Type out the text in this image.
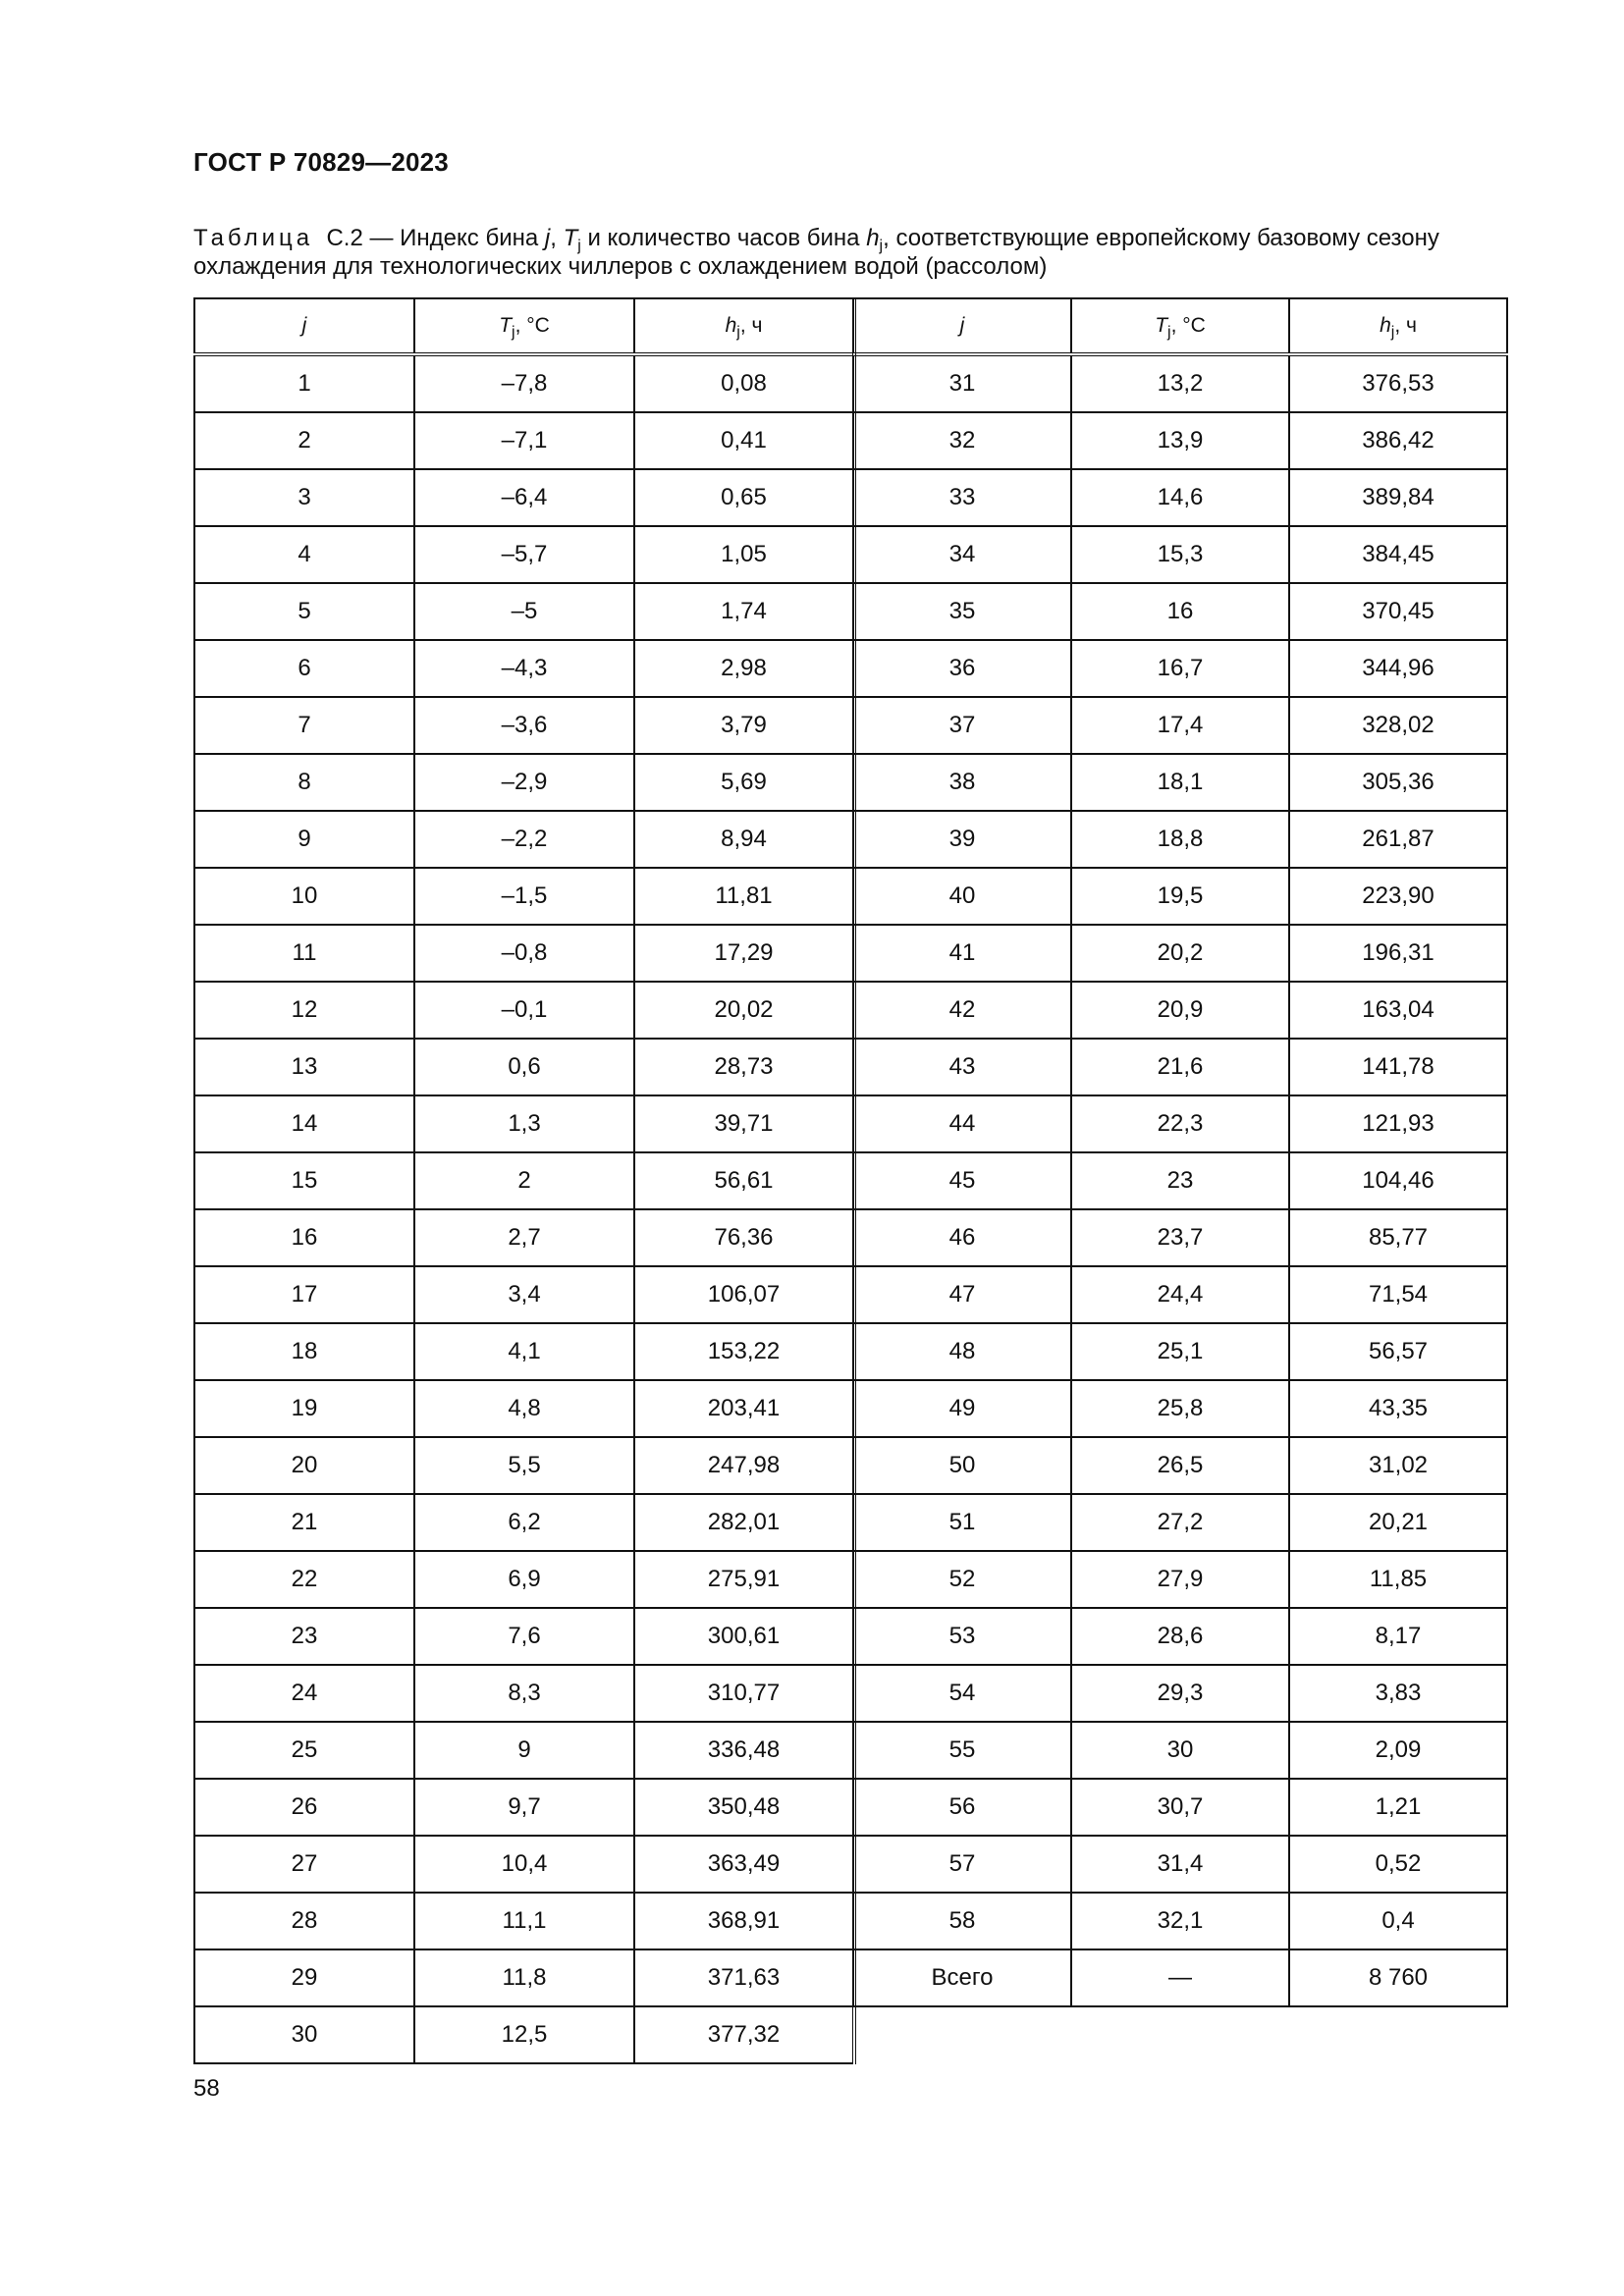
ГОСТ Р 70829—2023
Таблица С.2 — Индекс бина j, $T_j$ и количество часов бина $h_j$, соответствующие европейскому базовому сезону охлаждения для технологических чиллеров с охлаждением водой (рассолом)
j	$T_j$, °С	$h_j$, ч
1	–7,8	0,08
2	–7,1	0,41
3	–6,4	0,65
4	–5,7	1,05
5	–5	1,74
6	–4,3	2,98
7	–3,6	3,79
8	–2,9	5,69
9	–2,2	8,94
10	–1,5	11,81
11	–0,8	17,29
12	–0,1	20,02
13	0,6	28,73
14	1,3	39,71
15	2	56,61
16	2,7	76,36
17	3,4	106,07
18	4,1	153,22
19	4,8	203,41
20	5,5	247,98
21	6,2	282,01
22	6,9	275,91
23	7,6	300,61
24	8,3	310,77
25	9	336,48
26	9,7	350,48
27	10,4	363,49
28	11,1	368,91
29	11,8	371,63
30	12,5	377,32
j	$T_j$, °С	$h_j$, ч
31	13,2	376,53
32	13,9	386,42
33	14,6	389,84
34	15,3	384,45
35	16	370,45
36	16,7	344,96
37	17,4	328,02
38	18,1	305,36
39	18,8	261,87
40	19,5	223,90
41	20,2	196,31
42	20,9	163,04
43	21,6	141,78
44	22,3	121,93
45	23	104,46
46	23,7	85,77
47	24,4	71,54
48	25,1	56,57
49	25,8	43,35
50	26,5	31,02
51	27,2	20,21
52	27,9	11,85
53	28,6	8,17
54	29,3	3,83
55	30	2,09
56	30,7	1,21
57	31,4	0,52
58	32,1	0,4
Всего	—	8 760
58
